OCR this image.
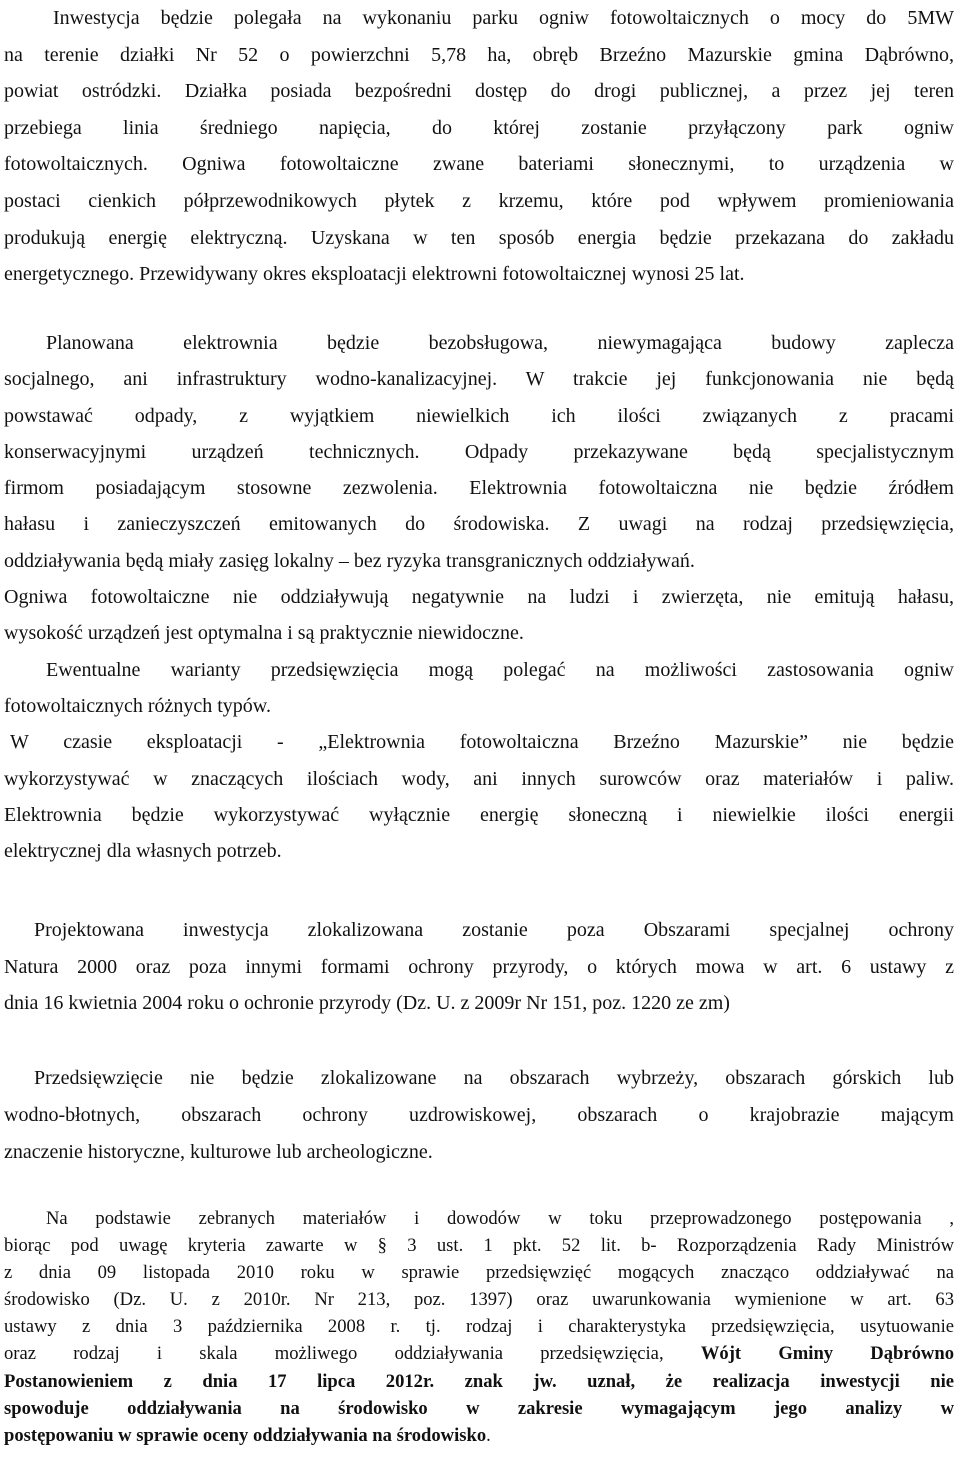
Inwestycja będzie polegała na wykonaniu parku ogniw fotowoltaicznych o mocy do 5MW
na terenie działki Nr 52 o powierzchni 5,78 ha, obręb Brzeźno Mazurskie gmina Dąbrówno,
powiat ostródzki. Działka posiada bezpośredni dostęp do drogi publicznej, a przez jej teren
przebiega linia średniego napięcia, do której zostanie przyłączony park ogniw
fotowoltaicznych. Ogniwa fotowoltaiczne zwane bateriami słonecznymi, to urządzenia w
postaci cienkich półprzewodnikowych płytek z krzemu, które pod wpływem promieniowania
produkują energię elektryczną. Uzyskana w ten sposób energia będzie przekazana do zakładu
energetycznego. Przewidywany okres eksploatacji elektrowni fotowoltaicznej wynosi 25 lat.

Planowana elektrownia będzie bezobsługowa, niewymagająca budowy zaplecza
socjalnego, ani infrastruktury wodno-kanalizacyjnej. W trakcie jej funkcjonowania nie będą
powstawać odpady, z wyjątkiem niewielkich ich ilości związanych z pracami
konserwacyjnymi urządzeń technicznych. Odpady przekazywane będą specjalistycznym
firmom posiadającym stosowne zezwolenia. Elektrownia fotowoltaiczna nie będzie źródłem
hałasu i zanieczyszczeń emitowanych do środowiska. Z uwagi na rodzaj przedsięwzięcia,
oddziaływania będą miały zasięg lokalny – bez ryzyka transgranicznych oddziaływań.
Ogniwa fotowoltaiczne nie oddziaływują negatywnie na ludzi i zwierzęta, nie emitują hałasu,
wysokość urządzeń jest optymalna i są praktycznie niewidoczne.
Ewentualne warianty przedsięwzięcia mogą polegać na możliwości zastosowania ogniw
fotowoltaicznych różnych typów.
W czasie eksploatacji - „Elektrownia fotowoltaiczna Brzeźno Mazurskie” nie będzie
wykorzystywać w znaczących ilościach wody, ani innych surowców oraz materiałów i paliw.
Elektrownia będzie wykorzystywać wyłącznie energię słoneczną i niewielkie ilości energii
elektrycznej dla własnych potrzeb.

Projektowana inwestycja zlokalizowana zostanie poza Obszarami specjalnej ochrony
Natura 2000 oraz poza innymi formami ochrony przyrody, o których mowa w art. 6 ustawy z
dnia 16 kwietnia 2004 roku o ochronie przyrody (Dz. U. z 2009r Nr 151, poz. 1220 ze zm)

Przedsięwzięcie nie będzie zlokalizowane na obszarach wybrzeży, obszarach górskich lub
wodno-błotnych, obszarach ochrony uzdrowiskowej, obszarach o krajobrazie mającym
znaczenie historyczne, kulturowe lub archeologiczne.

Na podstawie zebranych materiałów i dowodów w toku przeprowadzonego postępowania ,
biorąc pod uwagę kryteria zawarte w § 3 ust. 1 pkt. 52 lit. b- Rozporządzenia Rady Ministrów
z dnia 09 listopada 2010 roku w sprawie przedsięwzięć mogących znacząco oddziaływać na
środowisko (Dz. U. z 2010r. Nr 213, poz. 1397) oraz uwarunkowania wymienione w art. 63
ustawy z dnia 3 października 2008 r. tj. rodzaj i charakterystyka przedsięwzięcia, usytuowanie
oraz rodzaj i skala możliwego oddziaływania przedsięwzięcia, Wójt Gminy Dąbrówno
Postanowieniem z dnia 17 lipca 2012r. znak jw. uznał, że realizacja inwestycji nie
spowoduje oddziaływania na środowisko w zakresie wymagającym jego analizy w
postępowaniu w sprawie oceny oddziaływania na środowisko.
